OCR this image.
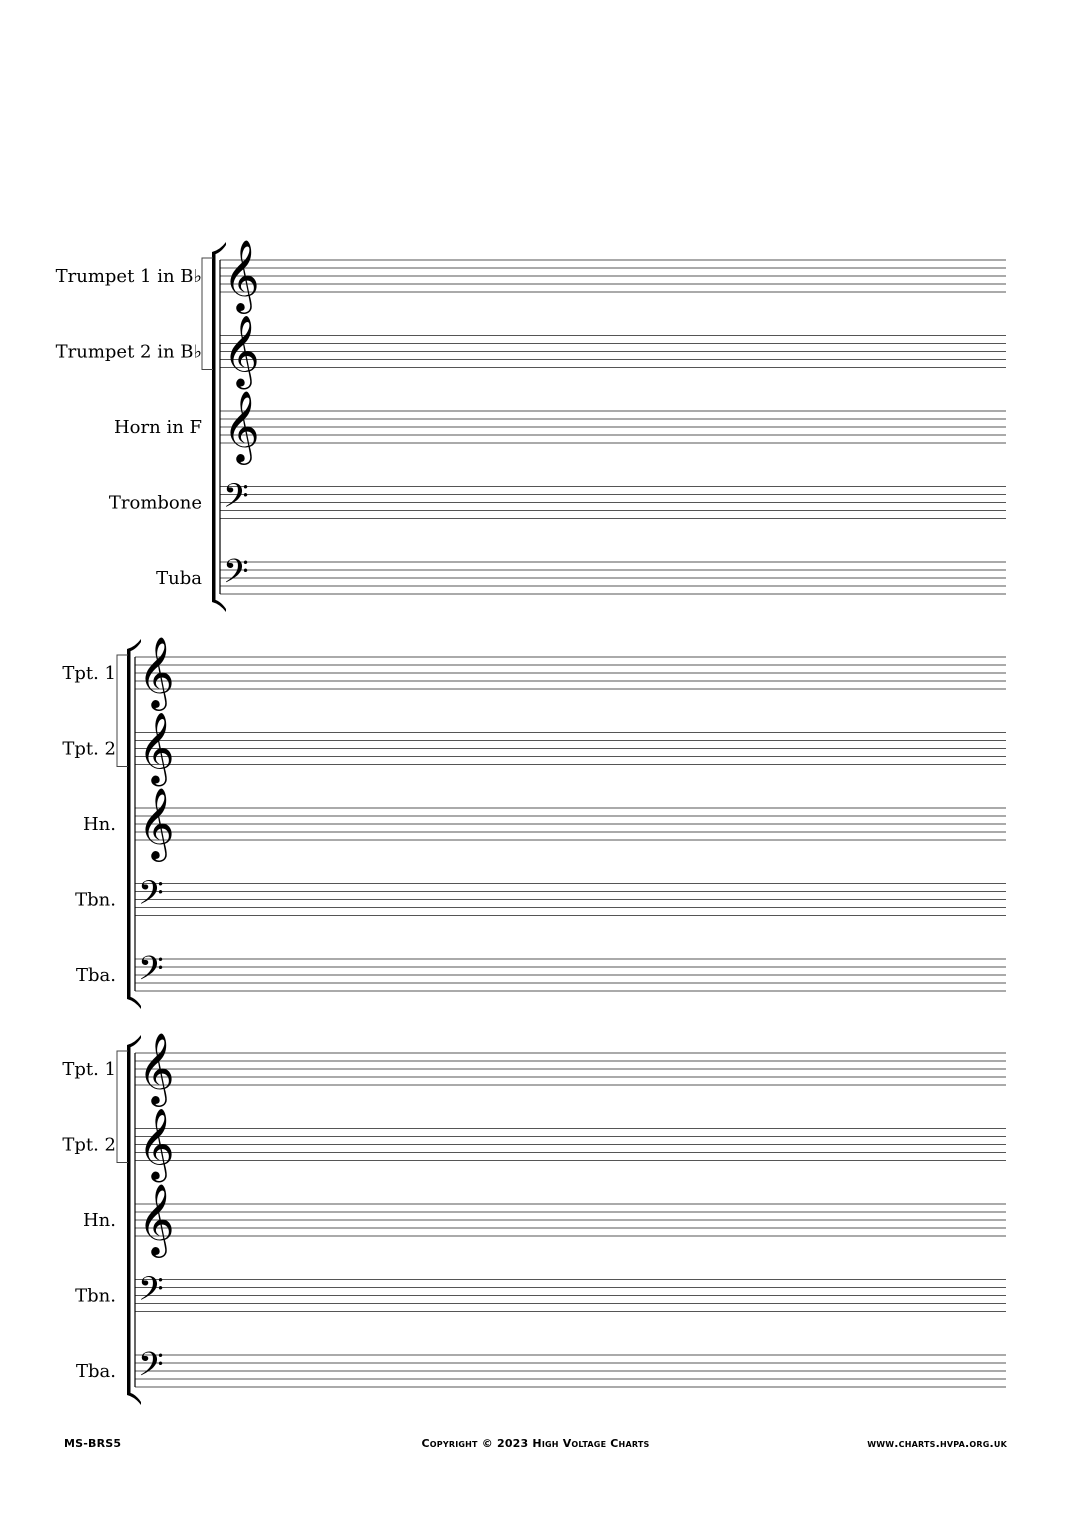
𝄞
Trumpet 1 in B♭
𝄞
Trumpet 2 in B♭
𝄞
Horn in F
𝄢
Trombone
𝄢
Tuba
𝄞
Tpt. 1
𝄞
Tpt. 2
𝄞
Hn.
𝄢
Tbn.
𝄢
Tba.
𝄞
Tpt. 1
𝄞
Tpt. 2
𝄞
Hn.
𝄢
Tbn.
𝄢
Tba.
MS-BRS5	Copyright © 2023 High Voltage Charts	www.charts.hvpa.org.uk
